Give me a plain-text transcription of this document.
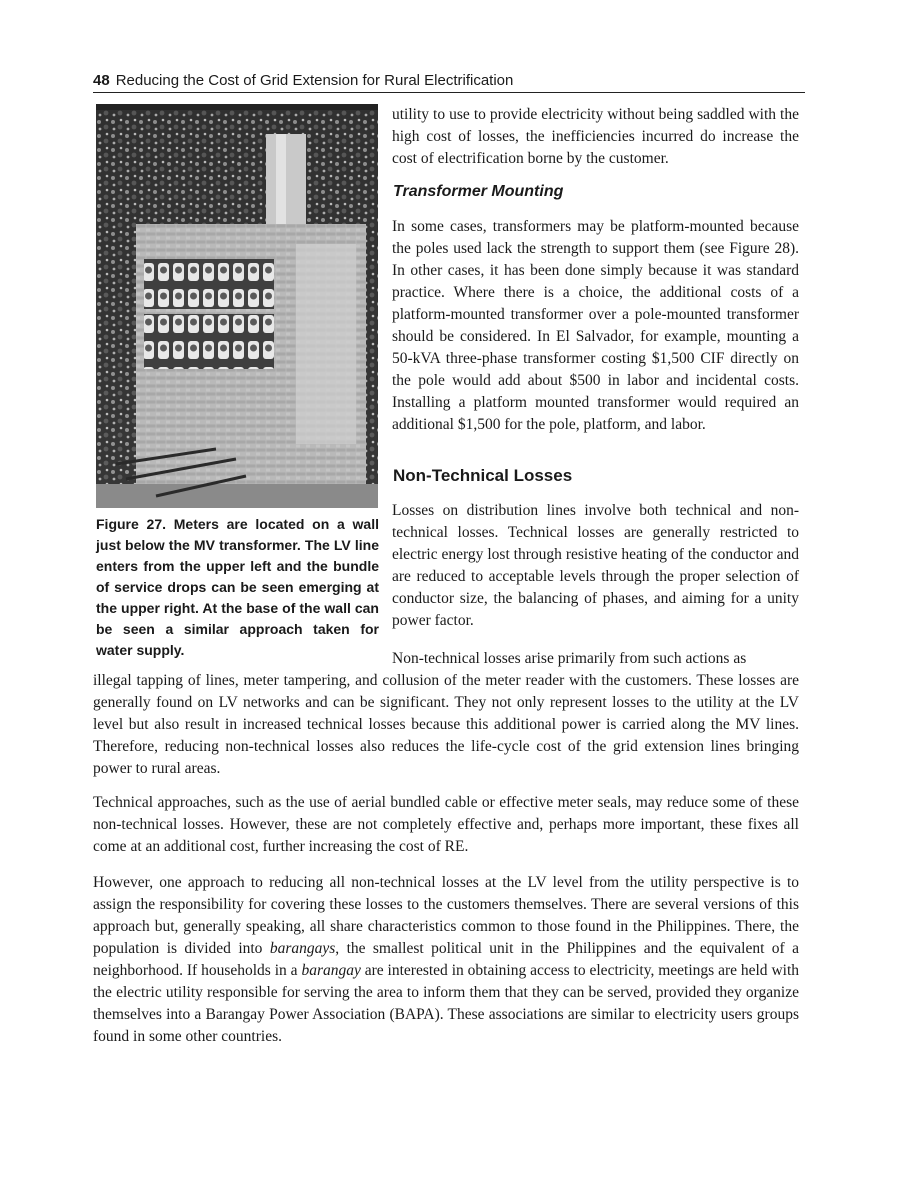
48 Reducing the Cost of Grid Extension for Rural Electrification
Figure 27. Meters are located on a wall just below the MV transformer. The LV line enters from the upper left and the bundle of service drops can be seen emerging at the upper right. At the base of the wall can be seen a similar approach taken for water supply.
utility to use to provide electricity without being saddled with the high cost of losses, the inefficiencies incurred do increase the cost of electrification borne by the customer.
Transformer Mounting
In some cases, transformers may be platform-mounted because the poles used lack the strength to support them (see Figure 28). In other cases, it has been done simply because it was standard practice. Where there is a choice, the additional costs of a platform-mounted transformer over a pole-mounted transformer should be considered. In El Salvador, for example, mounting a 50-kVA three-phase transformer costing $1,500 CIF directly on the pole would add about $500 in labor and incidental costs. Installing a platform mounted transformer would required an additional $1,500 for the pole, platform, and labor.
Non-Technical Losses
Losses on distribution lines involve both technical and non-technical losses. Technical losses are generally restricted to electric energy lost through resistive heating of the conductor and are reduced to acceptable levels through the proper selection of conductor size, the balancing of phases, and aiming for a unity power factor.

Non-technical losses arise primarily from such actions as

illegal tapping of lines, meter tampering, and collusion of the meter reader with the customers. These losses are generally found on LV networks and can be significant. They not only represent losses to the utility at the LV level but also result in increased technical losses because this additional power is carried along the MV lines. Therefore, reducing non-technical losses also reduces the life-cycle cost of the grid extension lines bringing power to rural areas.

Technical approaches, such as the use of aerial bundled cable or effective meter seals, may reduce some of these non-technical losses. However, these are not completely effective and, perhaps more important, these fixes all come at an additional cost, further increasing the cost of RE.

However, one approach to reducing all non-technical losses at the LV level from the utility perspective is to assign the responsibility for covering these losses to the customers themselves. There are several versions of this approach but, generally speaking, all share characteristics common to those found in the Philippines. There, the population is divided into barangays, the smallest political unit in the Philippines and the equivalent of a neighborhood. If households in a barangay are interested in obtaining access to electricity, meetings are held with the electric utility responsible for serving the area to inform them that they can be served, provided they organize themselves into a Barangay Power Association (BAPA). These associations are similar to electricity users groups found in some other countries.
